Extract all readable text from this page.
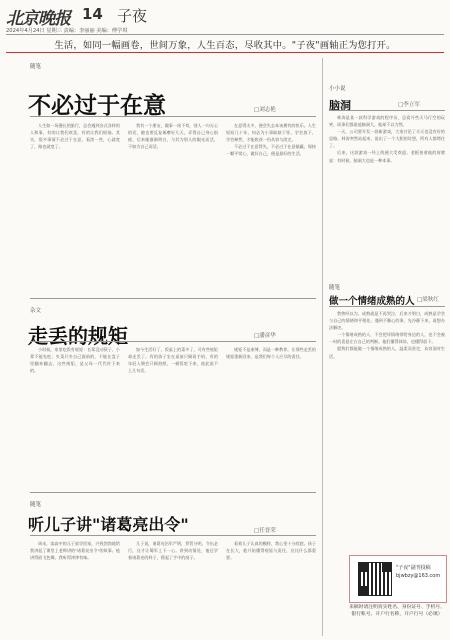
北京晚报 14 子夜
2024年4月24日 星期三 责编：李丽丽 美编：傅学琪
生活，如同一幅画卷，世间万象，人生百态，尽收其中。"子夜"画轴正为您打开。
随笔
不必过于在意	□刘志艳

人生如一场漫长的旅行，总会遇到各式各样的人和事，有的让我们欢喜，有的让我们烦恼。其实，很多事情不必过于在意，看淡一些，心就宽了，路也就宽了。

我有一个朋友，做事一丝不苟，别人一句无心的话，她也要反复琢磨好几天，弄得自己身心俱疲。后来她渐渐明白，与其为别人的眼光而活，不如为自己而活。

在意得太多，便会失去本该拥有的快乐。人生短短几十年，何必为小事耿耿于怀。学会放下，学会释然，才能收获一份从容与淡定。

不必过于在意得失，不必过于在意输赢，保持一颗平常心，做好自己，便是最好的生活。

杂文
走丢的规矩	□潘彦华

小时候，家里吃饭有规矩：长辈没动筷子，小辈不能先吃；夹菜只夹自己面前的，不能在盘子里翻来翻去。这些规矩，是父母一代代传下来的。

如今生活好了，饭桌上的菜多了，可有些规矩却走丢了。有的孩子坐在桌前只顾看手机，有的年轻人聚会只顾拍照，一顿饭吃下来，彼此说不上几句话。

规矩不是束缚，而是一种教养。让那些走丢的规矩重新回来，是我们每个人应尽的责任。

随笔
听儿子讲"诸葛亮出令"	□任晋荣

周末，读高中的儿子放学回家，兴致勃勃地给我讲起了课堂上老师讲的"诸葛亮出令"的故事。他讲得眉飞色舞，我听得津津有味。

儿子说，诸葛亮治军严明，赏罚分明，令出必行，这才让蜀军上下一心。讲到动情处，他还学着诸葛亮的样子，摇起了手中的扇子。

看着儿子认真的模样，我心里十分欣慰。孩子在长大，他开始懂得规矩与责任，这比什么都重要。

小小说
脑洞	□李立军

林涛是某一款科学游戏的程序员，总爱开些天马行空的玩笑。同事们都说他脑洞大，他却不以为然。

一天，公司要开发一款新游戏，大家讨论了半天也没有好的思路。林涛突然站起来，说出了一个大胆的设想，所有人都愣住了。

后来，这款游戏一经上线便大受欢迎。老板拍着他的肩膀说：有时候，脑洞大也是一种本事。

随笔
做一个情绪成熟的人 □梁秋红

我曾经以为，成熟就是不再哭泣，后来才明白，成熟是学会与自己的情绪和平相处。遇到不顺心的事，先冷静下来，再想办法解决。

一个情绪成熟的人，不会把坏情绪带给身边的人，也不会被一时的喜怒左右自己的判断。他们懂得体谅，也懂得放下。

愿我们都能做一个情绪成熟的人，温柔而坚定，从容面对生活。

"子夜"副刊投稿
bjwbzy@163.com
来稿时请注明真实姓名、身份证号、手机号、银行账号、开户行名称，开户行号（必填）
